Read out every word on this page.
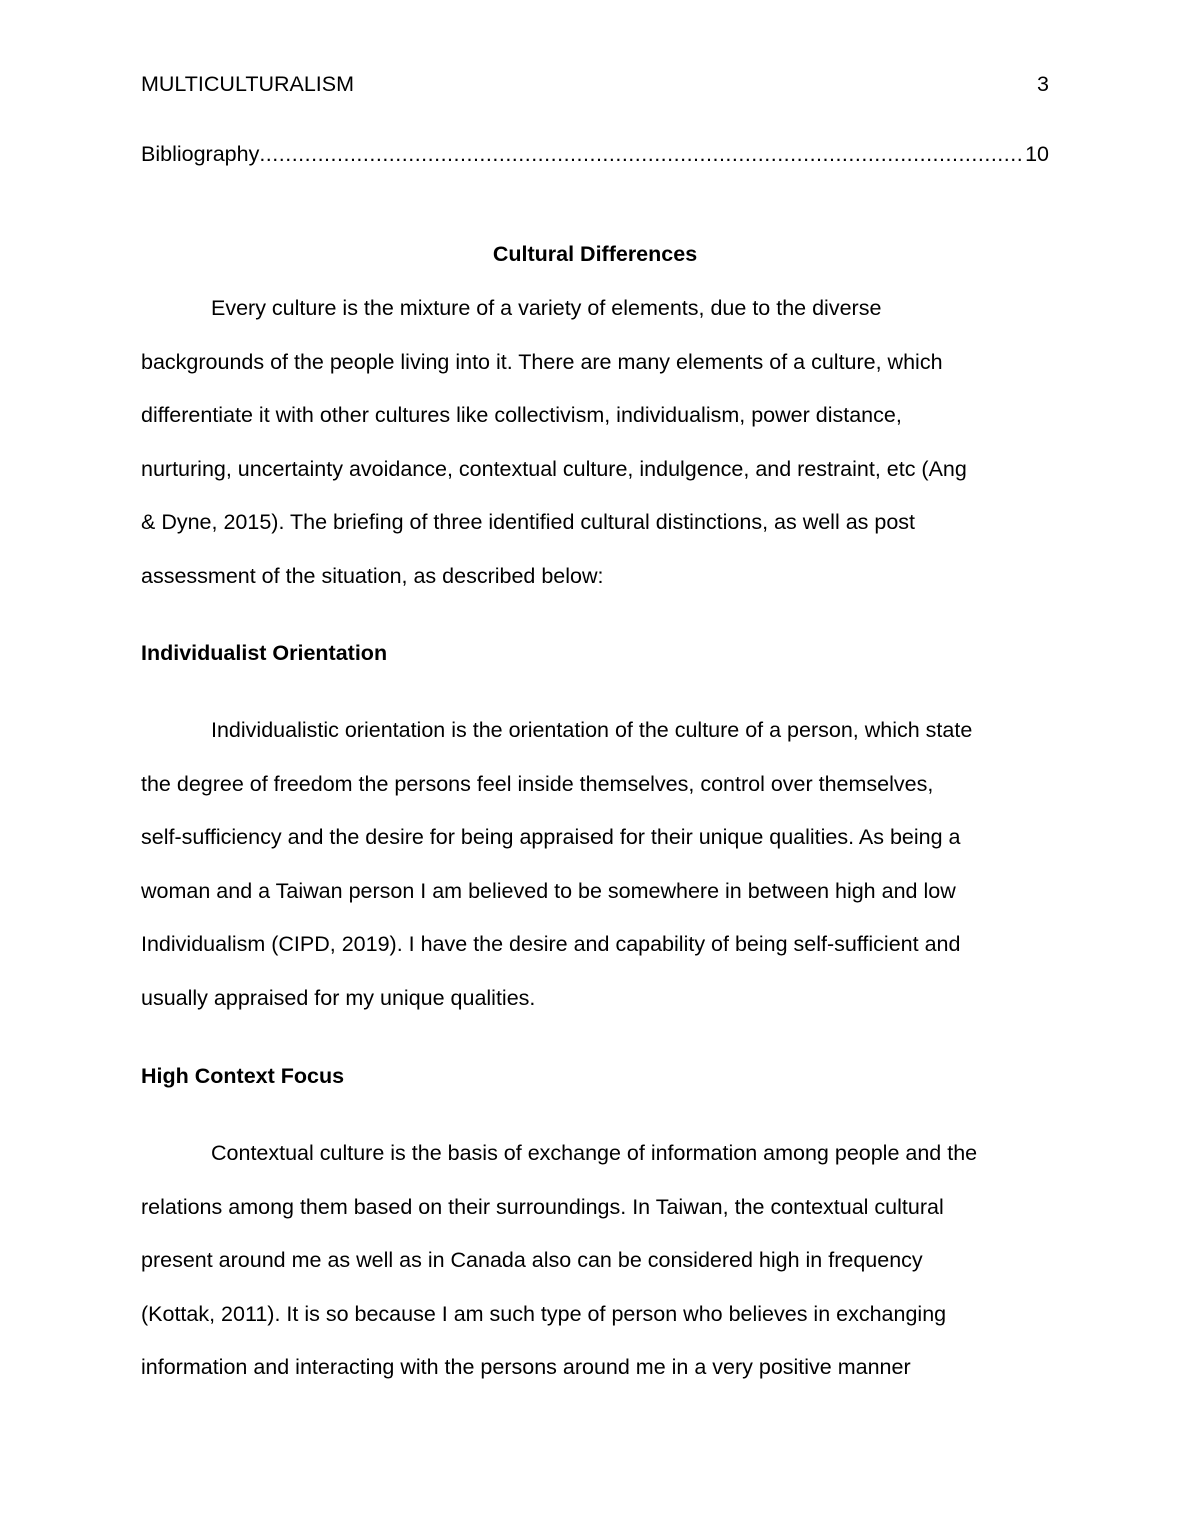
MULTICULTURALISM	3
Bibliography
.....	10
Cultural Differences
Every culture is the mixture of a variety of elements, due to the diverse
backgrounds of the people living into it. There are many elements of a culture, which
differentiate it with other cultures like collectivism, individualism, power distance,
nurturing, uncertainty avoidance, contextual culture, indulgence, and restraint, etc (Ang
& Dyne, 2015). The briefing of three identified cultural distinctions, as well as post
assessment of the situation, as described below:
Individualist Orientation
Individualistic orientation is the orientation of the culture of a person, which state
the degree of freedom the persons feel inside themselves, control over themselves,
self-sufficiency and the desire for being appraised for their unique qualities. As being a
woman and a Taiwan person I am believed to be somewhere in between high and low
Individualism (CIPD, 2019). I have the desire and capability of being self-sufficient and
usually appraised for my unique qualities.
High Context Focus
Contextual culture is the basis of exchange of information among people and the
relations among them based on their surroundings. In Taiwan, the contextual cultural
present around me as well as in Canada also can be considered high in frequency
(Kottak, 2011). It is so because I am such type of person who believes in exchanging
information and interacting with the persons around me in a very positive manner
